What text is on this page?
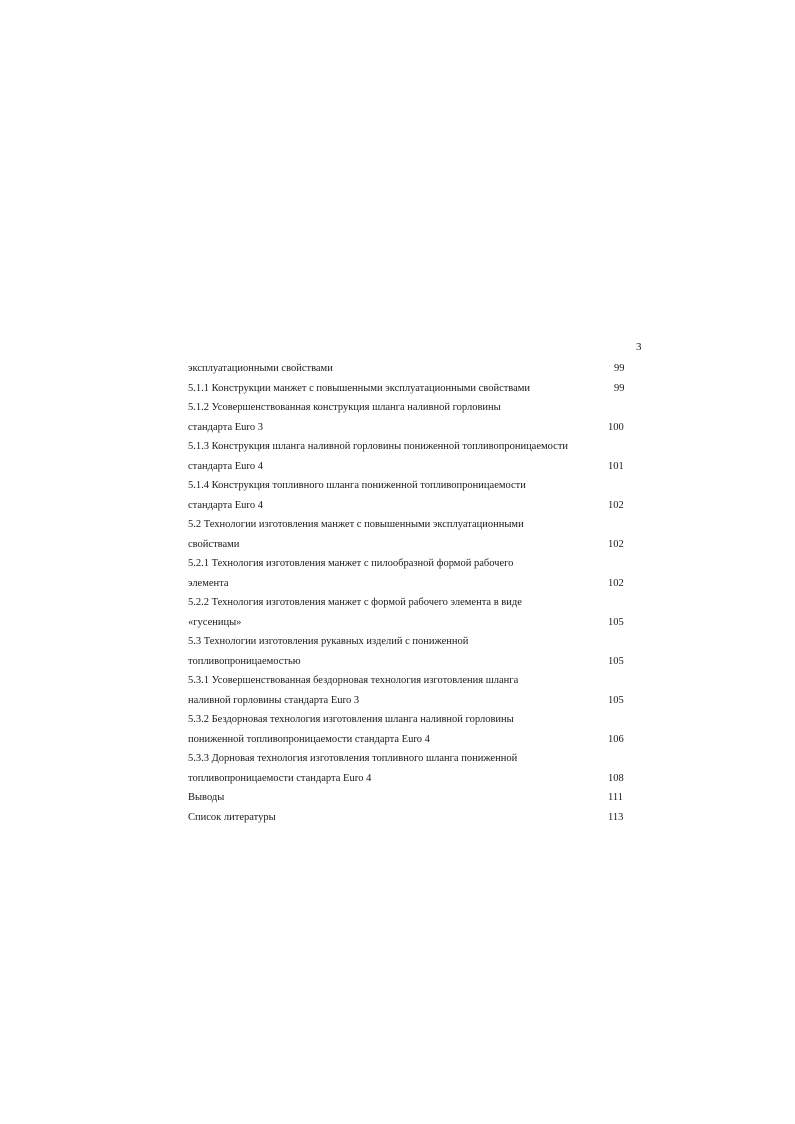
3
эксплуатационными свойствами	99
5.1.1 Конструкции манжет с повышенными эксплуатационными свойствами	99
5.1.2 Усовершенствованная конструкция шланга наливной горловины
стандарта Euro 3	100
5.1.3 Конструкция шланга наливной горловины пониженной топливопроницаемости
стандарта Euro 4	101
5.1.4 Конструкция топливного шланга пониженной топливопроницаемости
стандарта Euro 4	102
5.2 Технологии изготовления манжет с повышенными эксплуатационными
свойствами	102
5.2.1 Технология изготовления манжет с пилообразной формой рабочего
элемента	102
5.2.2 Технология изготовления манжет с формой рабочего элемента в виде
«гусеницы»	105
5.3 Технологии изготовления рукавных изделий с пониженной
топливопроницаемостью	105
5.3.1 Усовершенствованная бездорновая технология изготовления шланга
наливной горловины стандарта Euro 3	105
5.3.2 Бездорновая технология изготовления шланга наливной горловины
пониженной топливопроницаемости стандарта Euro 4	106
5.3.3 Дорновая технология изготовления топливного шланга пониженной
топливопроницаемости стандарта Euro 4	108
Выводы	111
Список литературы	113
